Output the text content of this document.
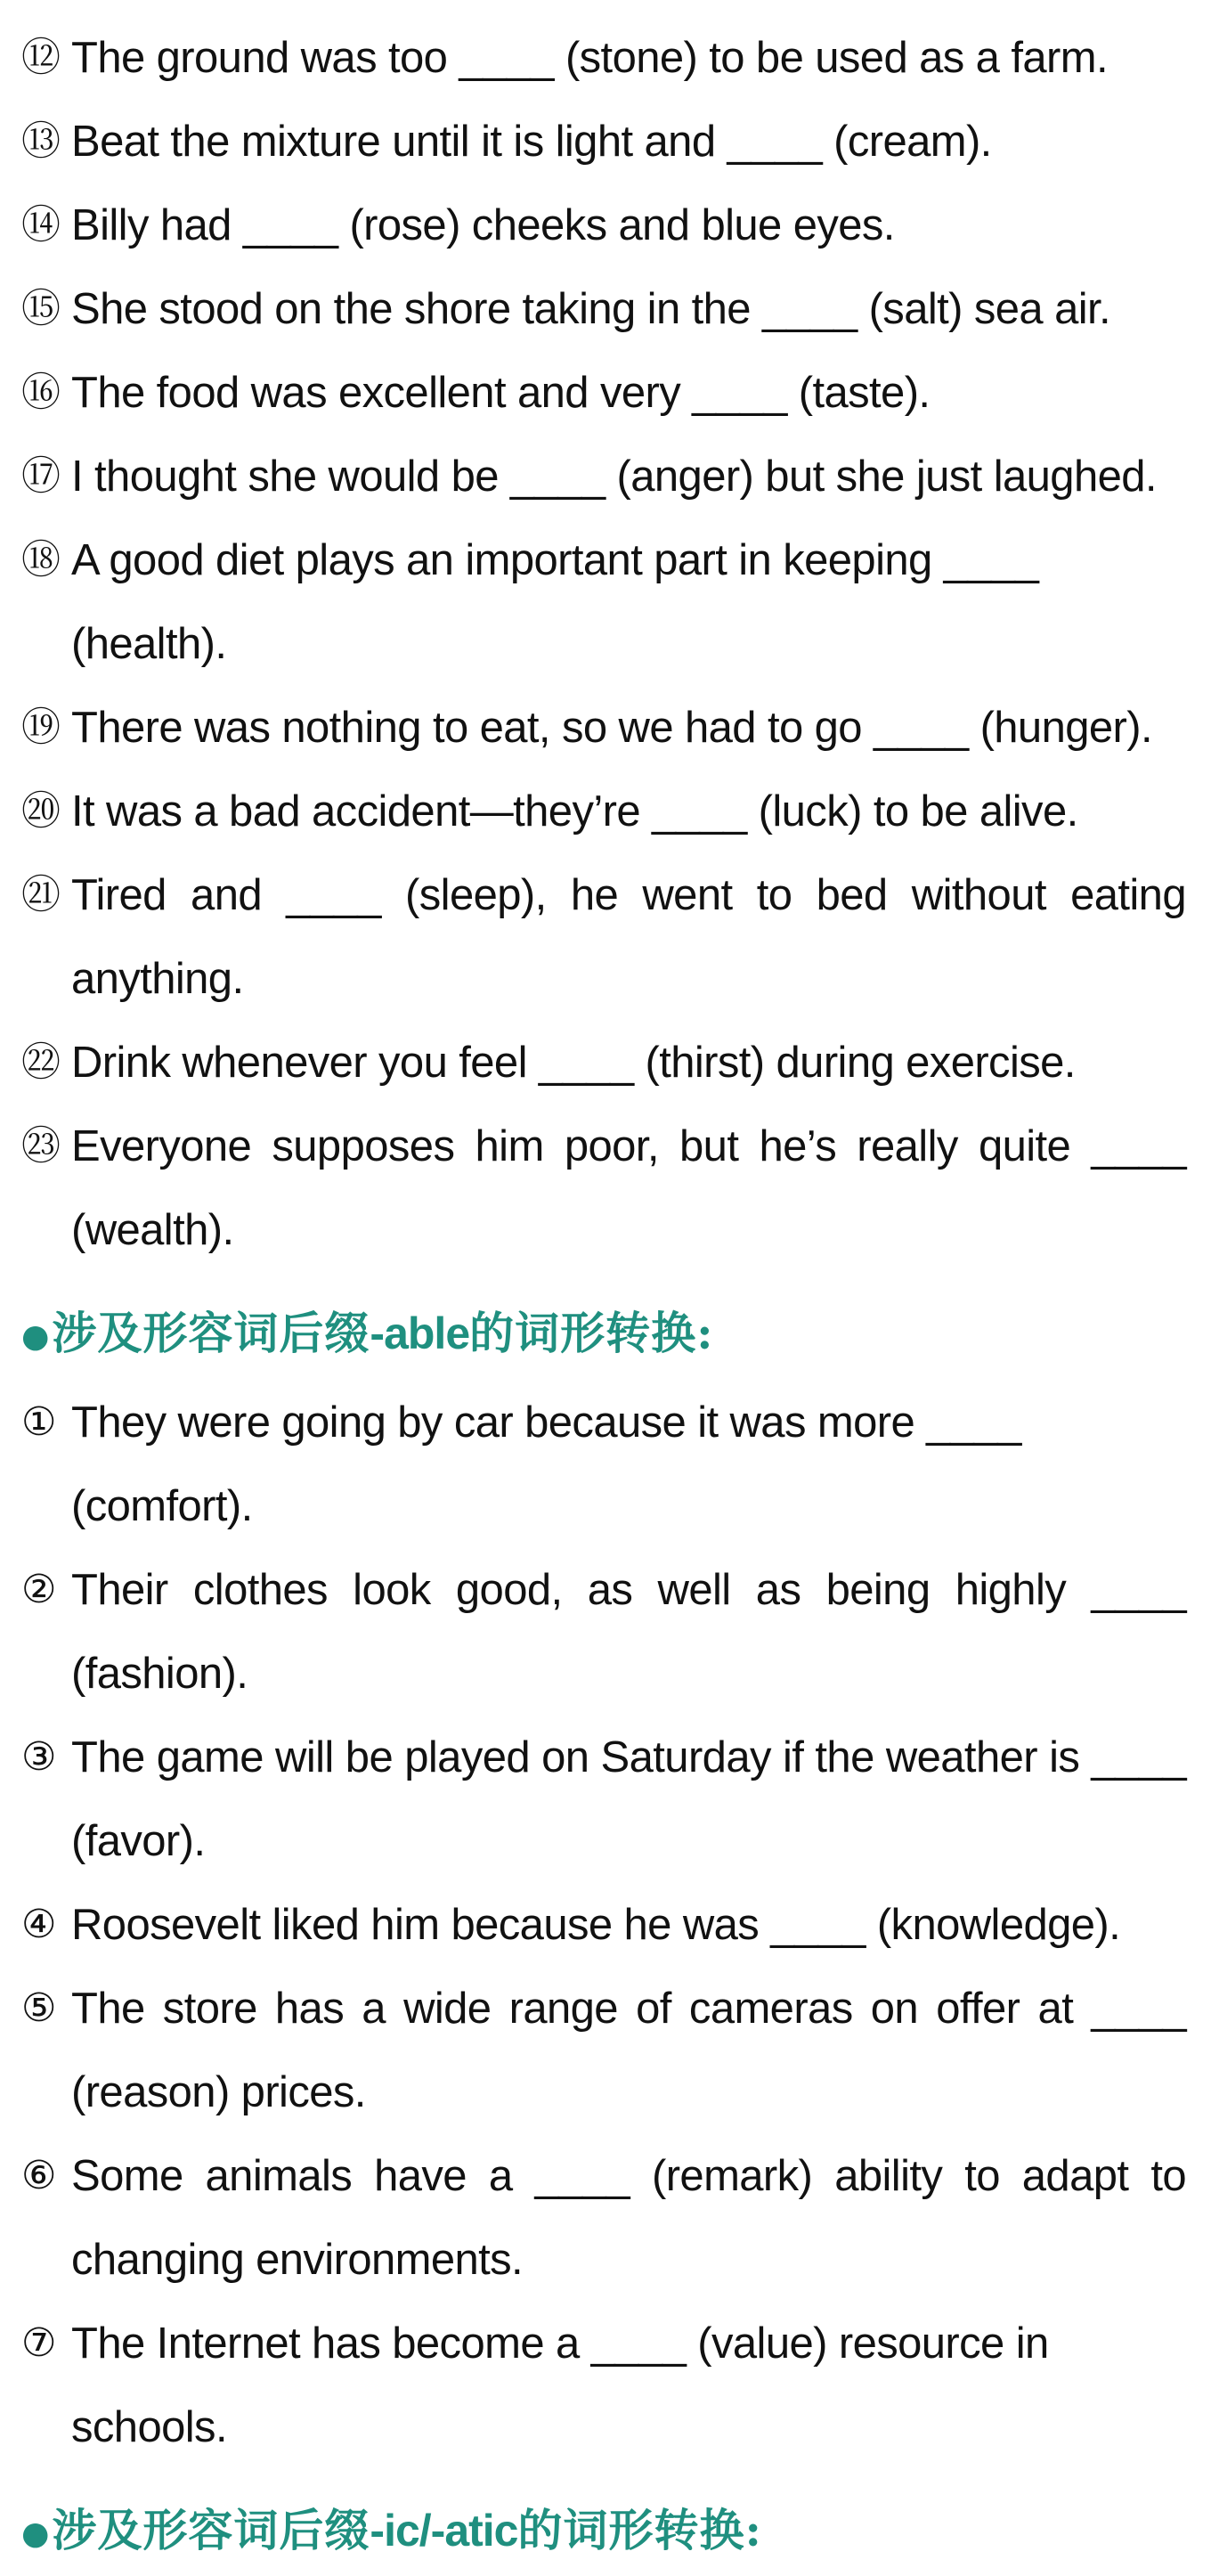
⑫ The ground was too ____ (stone) to be used as a farm.
⑬ Beat the mixture until it is light and ____ (cream).
⑭ Billy had ____ (rose) cheeks and blue eyes.
⑮ She stood on the shore taking in the ____ (salt) sea air.
⑯ The food was excellent and very ____ (taste).
⑰ I thought she would be ____ (anger) but she just laughed.
⑱ A good diet plays an important part in keeping ____ (health).
⑲ There was nothing to eat, so we had to go ____ (hunger).
⑳ It was a bad accident—they’re ____ (luck) to be alive.
㉑ Tired and ____ (sleep), he went to bed without eating anything.
㉒ Drink whenever you feel ____ (thirst) during exercise.
㉓ Everyone supposes him poor, but he’s really quite ____ (wealth).
●涉及形容词后缀-able的词形转换:
① They were going by car because it was more ____ (comfort).
② Their clothes look good, as well as being highly ____ (fashion).
③ The game will be played on Saturday if the weather is ____ (favor).
④ Roosevelt liked him because he was ____ (knowledge).
⑤ The store has a wide range of cameras on offer at ____ (reason) prices.
⑥ Some animals have a ____ (remark) ability to adapt to changing environments.
⑦ The Internet has become a ____ (value) resource in schools.
●涉及形容词后缀-ic/-atic的词形转换:
